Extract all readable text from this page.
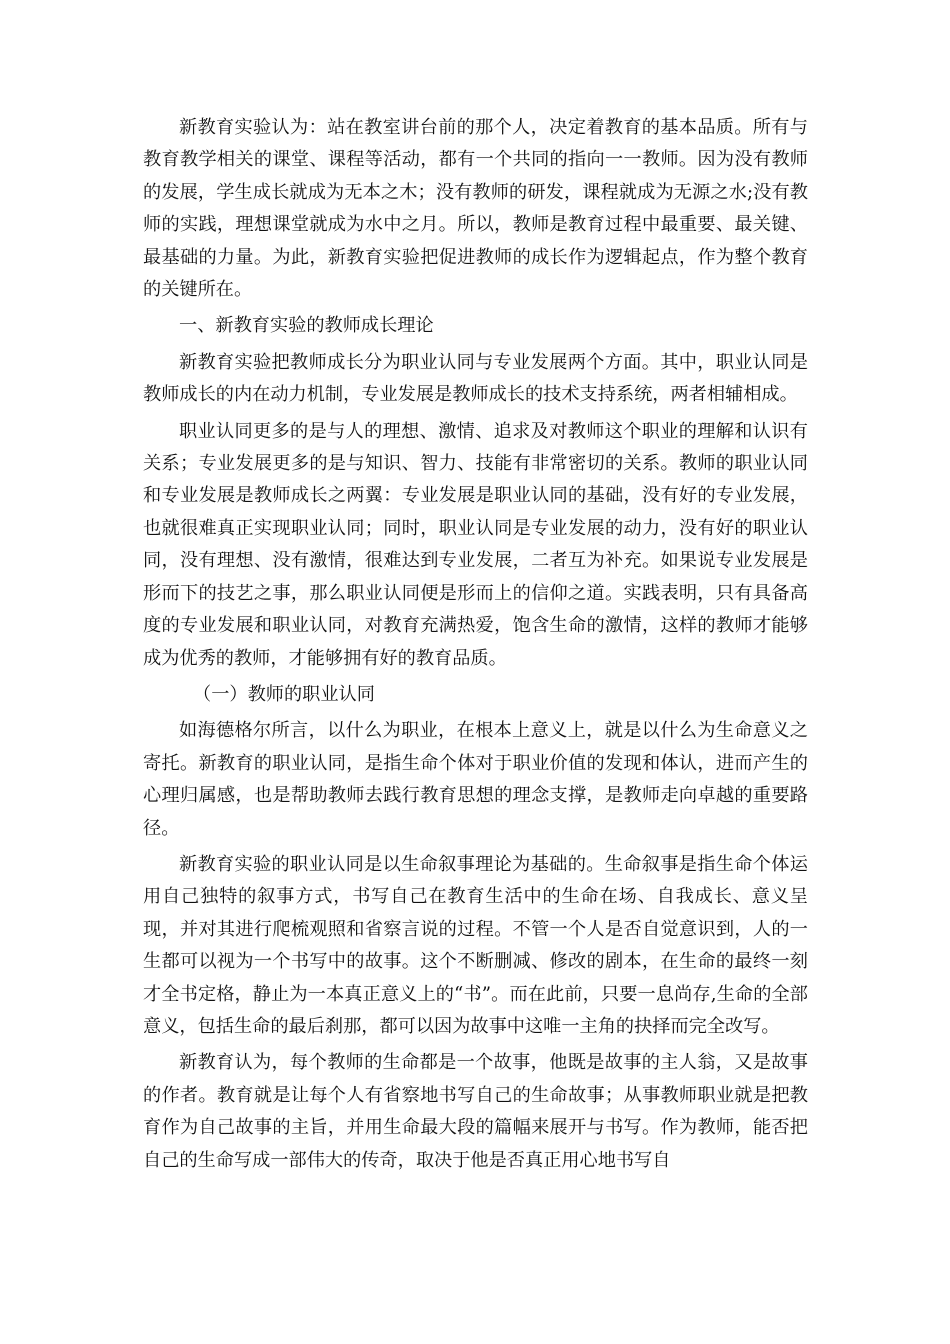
新教育实验认为：站在教室讲台前的那个人，决定着教育的基本品质。所有与教育教学相关的课堂、课程等活动，都有一个共同的指向一一教师。因为没有教师的发展，学生成长就成为无本之木；没有教师的研发，课程就成为无源之水;没有教师的实践，理想课堂就成为水中之月。所以，教师是教育过程中最重要、最关键、最基础的力量。为此，新教育实验把促进教师的成长作为逻辑起点，作为整个教育的关键所在。

一、新教育实验的教师成长理论

新教育实验把教师成长分为职业认同与专业发展两个方面。其中，职业认同是教师成长的内在动力机制，专业发展是教师成长的技术支持系统，两者相辅相成。

职业认同更多的是与人的理想、激情、追求及对教师这个职业的理解和认识有关系；专业发展更多的是与知识、智力、技能有非常密切的关系。教师的职业认同和专业发展是教师成长之两翼：专业发展是职业认同的基础，没有好的专业发展，也就很难真正实现职业认同；同时，职业认同是专业发展的动力，没有好的职业认同，没有理想、没有激情，很难达到专业发展，二者互为补充。如果说专业发展是形而下的技艺之事，那么职业认同便是形而上的信仰之道。实践表明，只有具备高度的专业发展和职业认同，对教育充满热爱，饱含生命的激情，这样的教师才能够成为优秀的教师，才能够拥有好的教育品质。

（一）教师的职业认同

如海德格尔所言，以什么为职业，在根本上意义上，就是以什么为生命意义之寄托。新教育的职业认同，是指生命个体对于职业价值的发现和体认，进而产生的心理归属感，也是帮助教师去践行教育思想的理念支撑，是教师走向卓越的重要路径。

新教育实验的职业认同是以生命叙事理论为基础的。生命叙事是指生命个体运用自己独特的叙事方式，书写自己在教育生活中的生命在场、自我成长、意义呈现，并对其进行爬梳观照和省察言说的过程。不管一个人是否自觉意识到，人的一生都可以视为一个书写中的故事。这个不断删减、修改的剧本，在生命的最终一刻才全书定格，静止为一本真正意义上的“书”。而在此前，只要一息尚存,生命的全部意义，包括生命的最后刹那，都可以因为故事中这唯一主角的抉择而完全改写。

新教育认为，每个教师的生命都是一个故事，他既是故事的主人翁，又是故事的作者。教育就是让每个人有省察地书写自己的生命故事；从事教师职业就是把教育作为自己故事的主旨，并用生命最大段的篇幅来展开与书写。作为教师，能否把自己的生命写成一部伟大的传奇，取决于他是否真正用心地书写自
